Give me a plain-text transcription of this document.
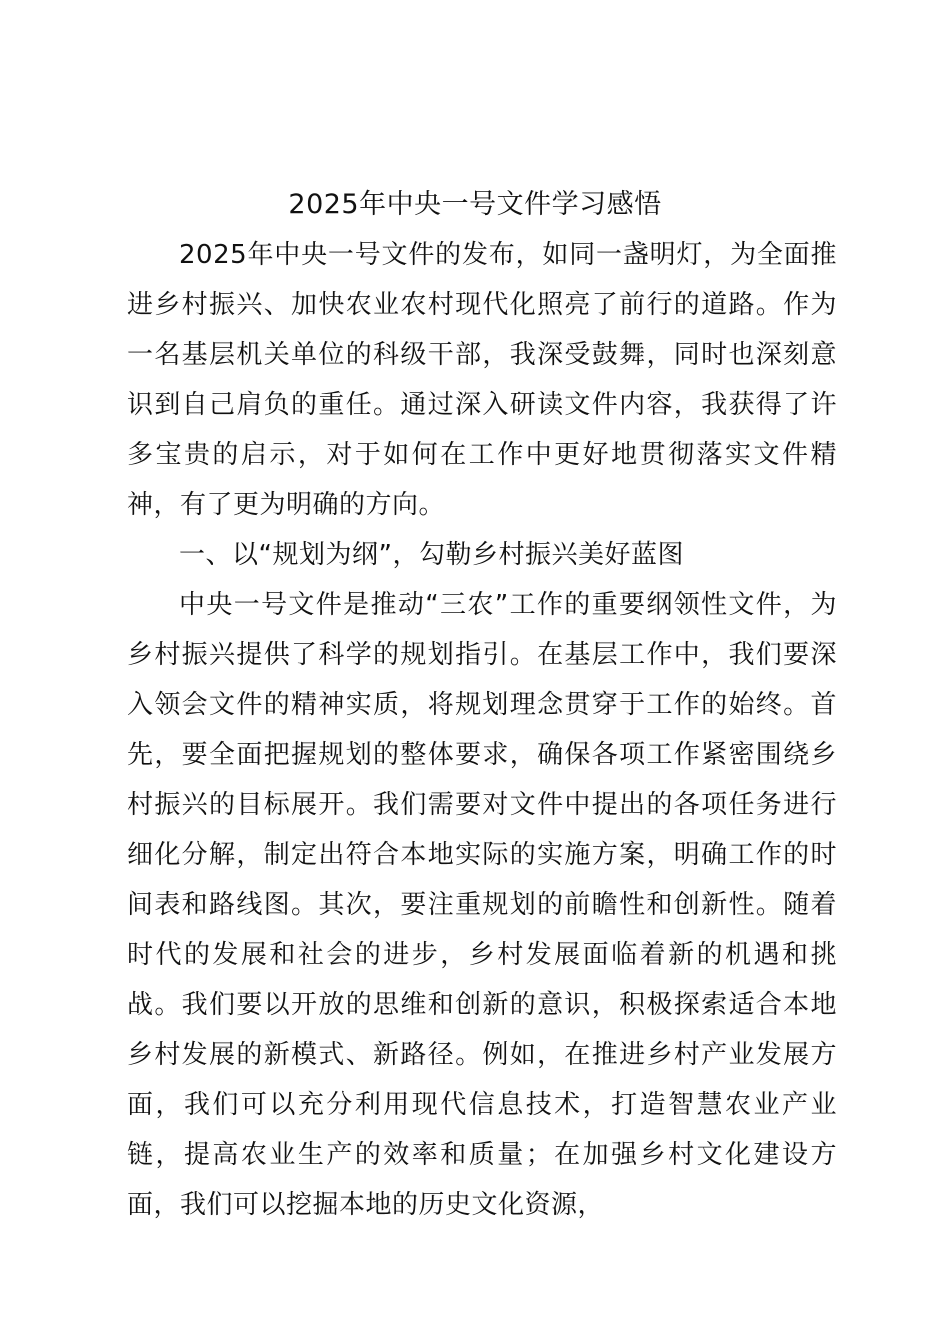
2025年中央一号文件学习感悟

2025年中央一号文件的发布，如同一盏明灯，为全面推进乡村振兴、加快农业农村现代化照亮了前行的道路。作为一名基层机关单位的科级干部，我深受鼓舞，同时也深刻意识到自己肩负的重任。通过深入研读文件内容，我获得了许多宝贵的启示，对于如何在工作中更好地贯彻落实文件精神，有了更为明确的方向。

一、以“规划为纲”，勾勒乡村振兴美好蓝图

中央一号文件是推动“三农”工作的重要纲领性文件，为乡村振兴提供了科学的规划指引。在基层工作中，我们要深入领会文件的精神实质，将规划理念贯穿于工作的始终。首先，要全面把握规划的整体要求，确保各项工作紧密围绕乡村振兴的目标展开。我们需要对文件中提出的各项任务进行细化分解，制定出符合本地实际的实施方案，明确工作的时间表和路线图。其次，要注重规划的前瞻性和创新性。随着时代的发展和社会的进步，乡村发展面临着新的机遇和挑战。我们要以开放的思维和创新的意识，积极探索适合本地乡村发展的新模式、新路径。例如，在推进乡村产业发展方面，我们可以充分利用现代信息技术，打造智慧农业产业链，提高农业生产的效率和质量；在加强乡村文化建设方面，我们可以挖掘本地的历史文化资源，
